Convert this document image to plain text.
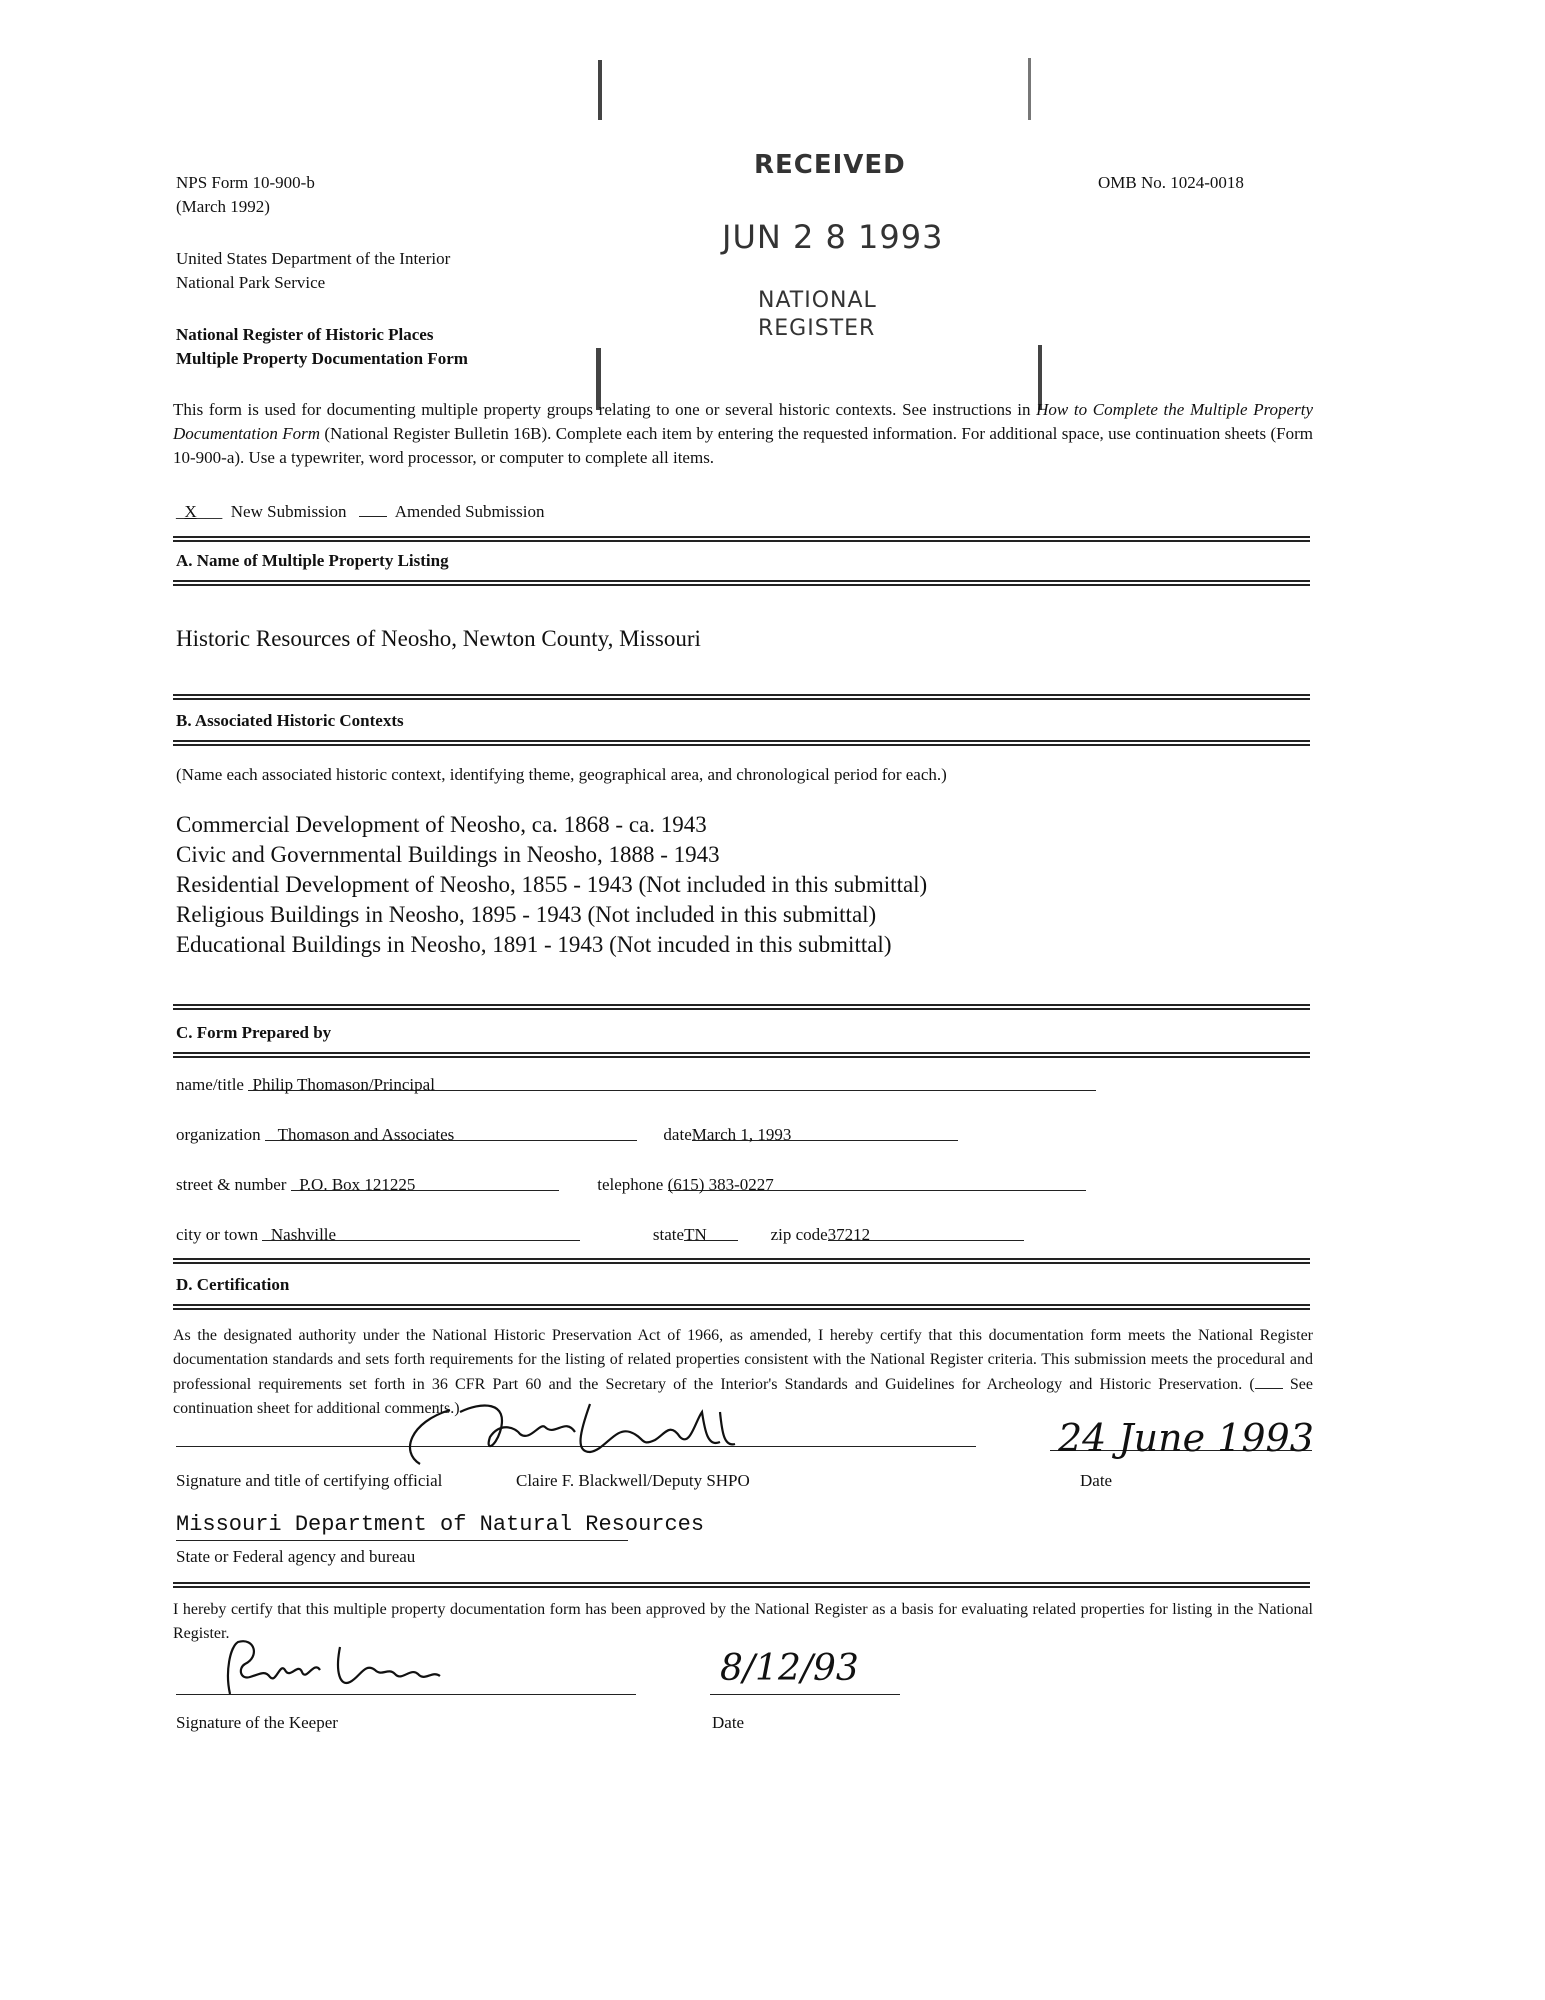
NPS Form 10-900-b
(March 1992)
United States Department of the Interior
National Park Service
National Register of Historic Places
Multiple Property Documentation Form
OMB No. 1024-0018
RECEIVED
JUN 2 8 1993
NATIONAL
REGISTER
This form is used for documenting multiple property groups relating to one or several historic contexts. See instructions in How to Complete the Multiple Property Documentation Form (National Register Bulletin 16B). Complete each item by entering the requested information. For additional space, use continuation sheets (Form 10-900-a). Use a typewriter, word processor, or computer to complete all items.
_X___  New Submission	Amended Submission
A. Name of Multiple Property Listing
Historic Resources of Neosho, Newton County, Missouri
B. Associated Historic Contexts
(Name each associated historic context, identifying theme, geographical area, and chronological period for each.)
Commercial Development of Neosho, ca. 1868 - ca. 1943
Civic and Governmental Buildings in Neosho, 1888 - 1943
Residential Development of Neosho, 1855 - 1943 (Not included in this submittal)
Religious Buildings in Neosho, 1895 - 1943 (Not included in this submittal)
Educational Buildings in Neosho, 1891 - 1943 (Not incuded in this submittal)
C. Form Prepared by
name/title Philip Thomason/Principal
organization Thomason and Associates	dateMarch 1, 1993
street & number P.O. Box 121225	telephone (615) 383-0227
city or town Nashville	stateTN	zip code37212
D. Certification
As the designated authority under the National Historic Preservation Act of 1966, as amended, I hereby certify that this documentation form meets the National Register documentation standards and sets forth requirements for the listing of related properties consistent with the National Register criteria. This submission meets the procedural and professional requirements set forth in 36 CFR Part 60 and the Secretary of the Interior's Standards and Guidelines for Archeology and Historic Preservation. ( See continuation sheet for additional comments.)
Signature and title of certifying official	Claire F. Blackwell/Deputy SHPO
24 June 1993
Date
Missouri Department of Natural Resources
State or Federal agency and bureau
I hereby certify that this multiple property documentation form has been approved by the National Register as a basis for evaluating related properties for listing in the National Register.
Signature of the Keeper
8/12/93
Date
